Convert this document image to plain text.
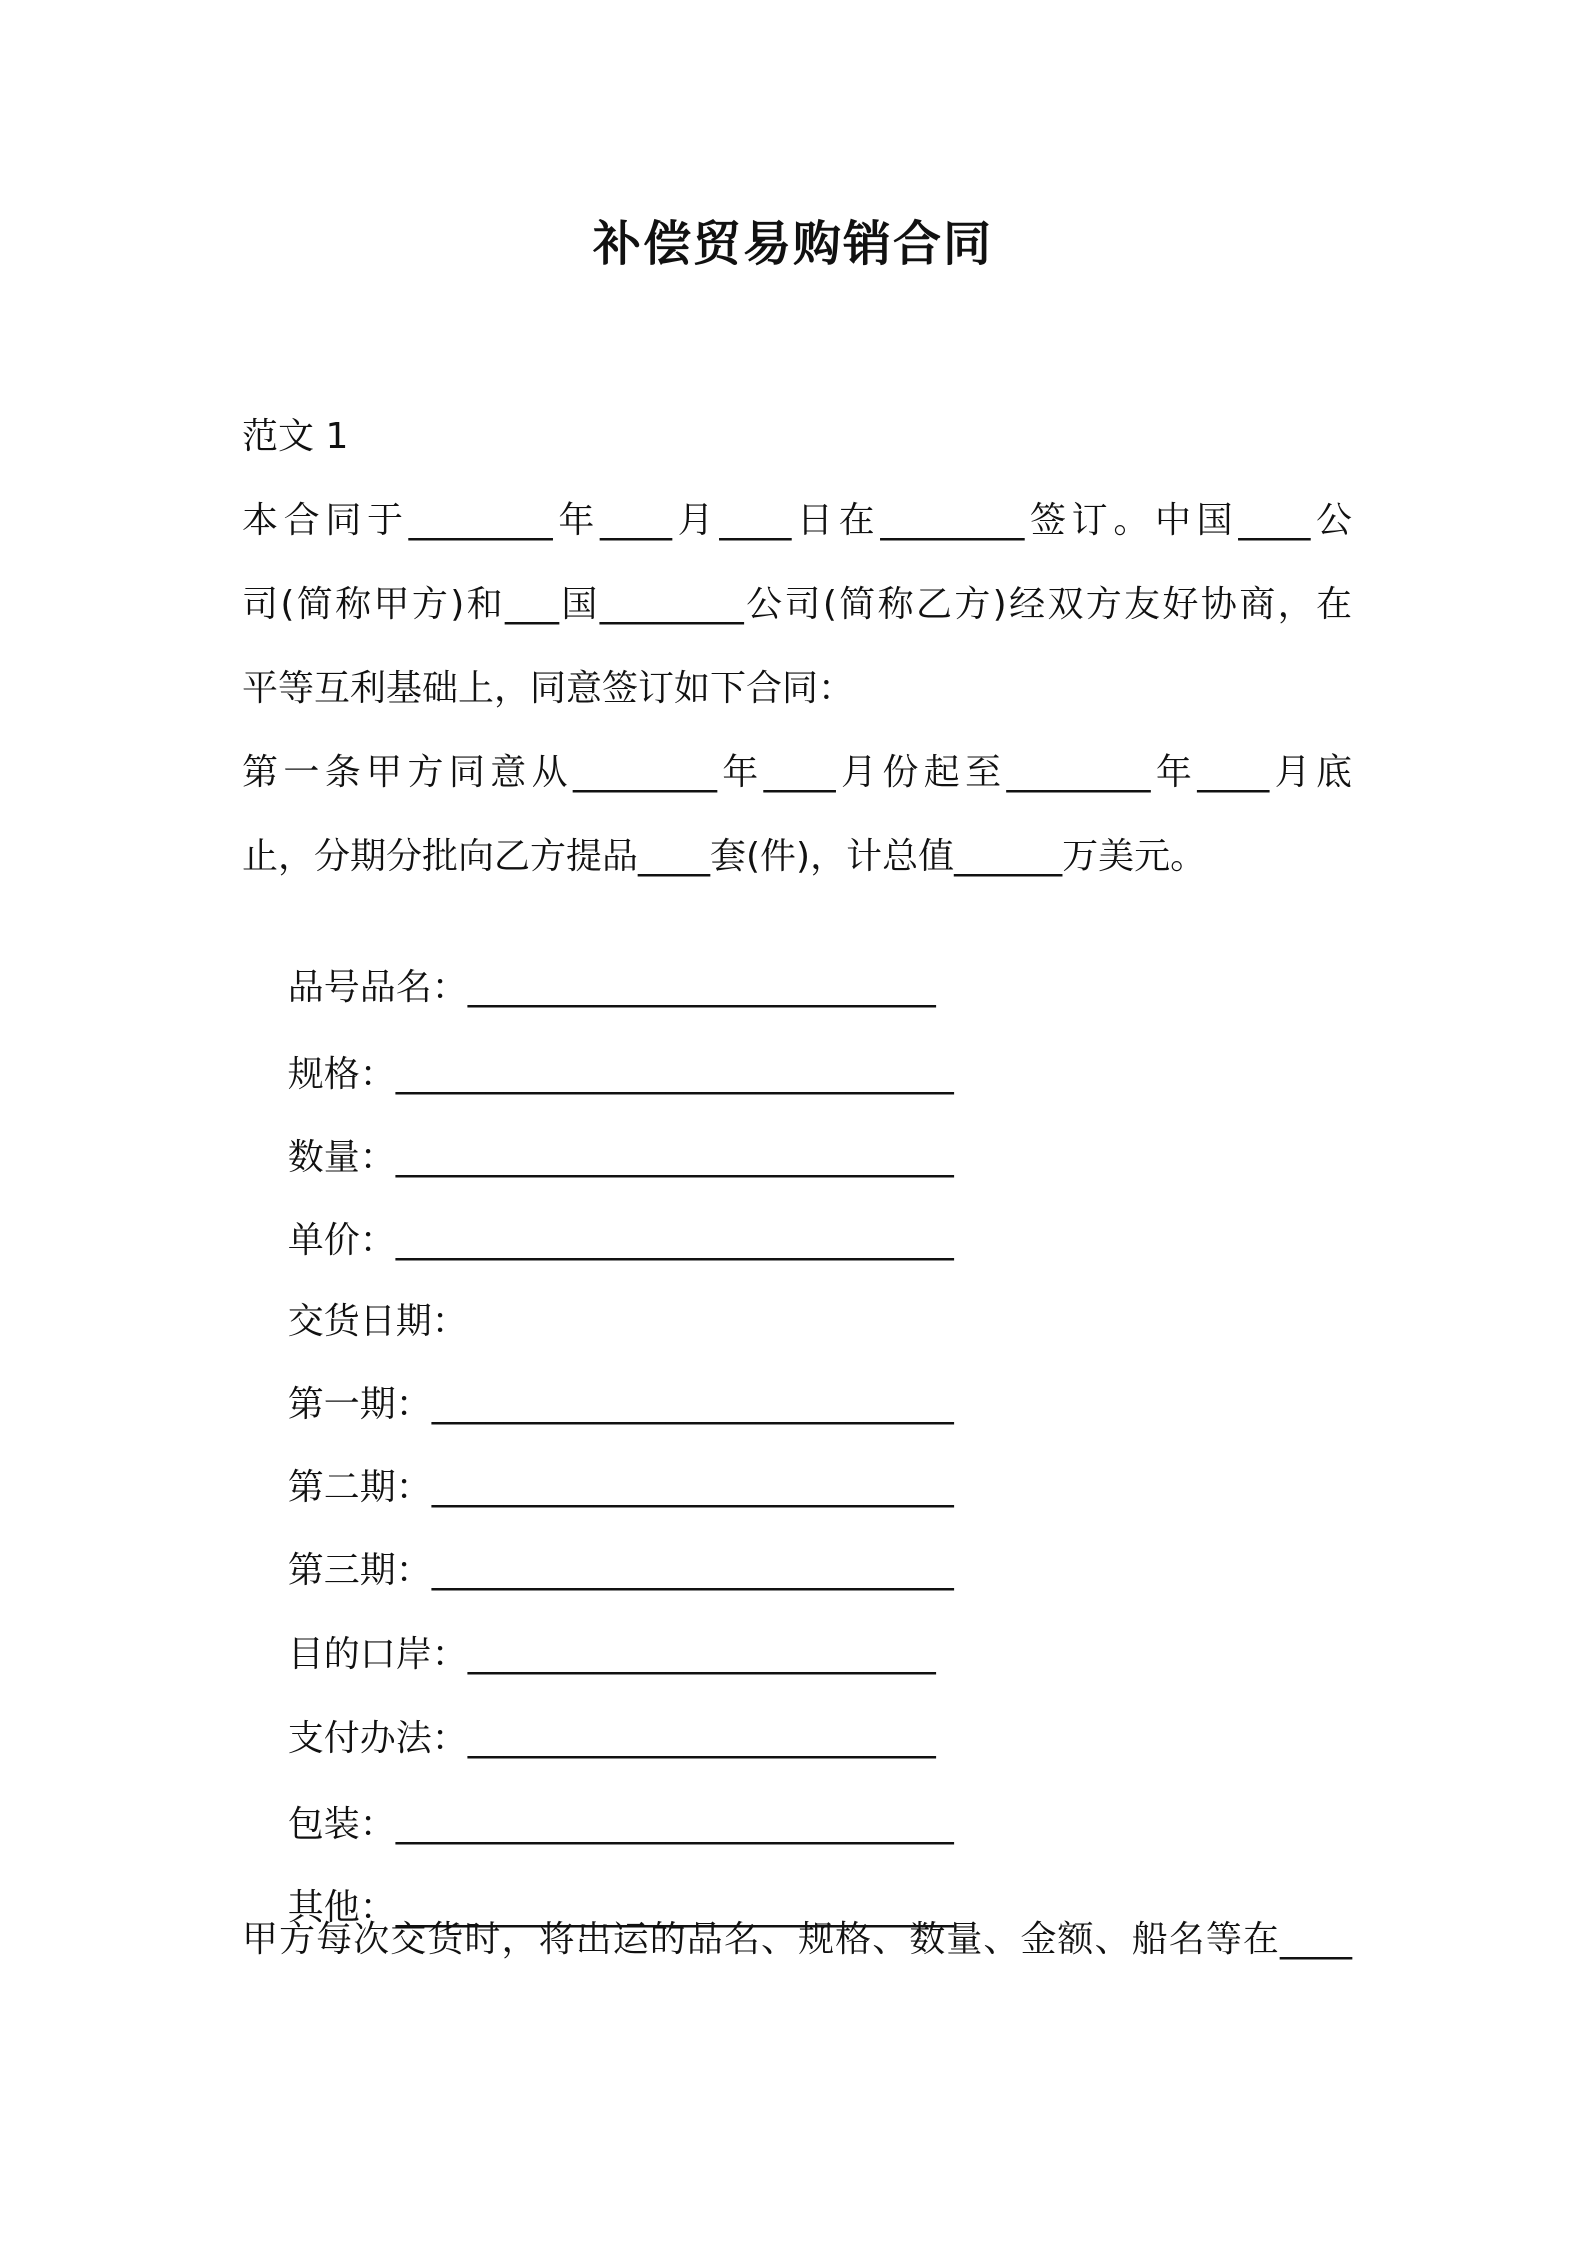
补偿贸易购销合同
范文 1
本合同于________年____月____日在________签订。中国____公
司(简称甲方)和___国________公司(简称乙方)经双方友好协商，在
平等互利基础上，同意签订如下合同：
第一条甲方同意从________年____月份起至________年____月底
止，分期分批向乙方提品____套(件)，计总值______万美元。

品号品名：__________________________

规格：_______________________________

数量：_______________________________

单价：_______________________________

交货日期：

第一期：_____________________________

第二期：_____________________________

第三期：_____________________________

目的口岸：__________________________

支付办法：__________________________

包装：_______________________________

其他：_______________________________

甲方每次交货时，将出运的品名、规格、数量、金额、船名等在____
